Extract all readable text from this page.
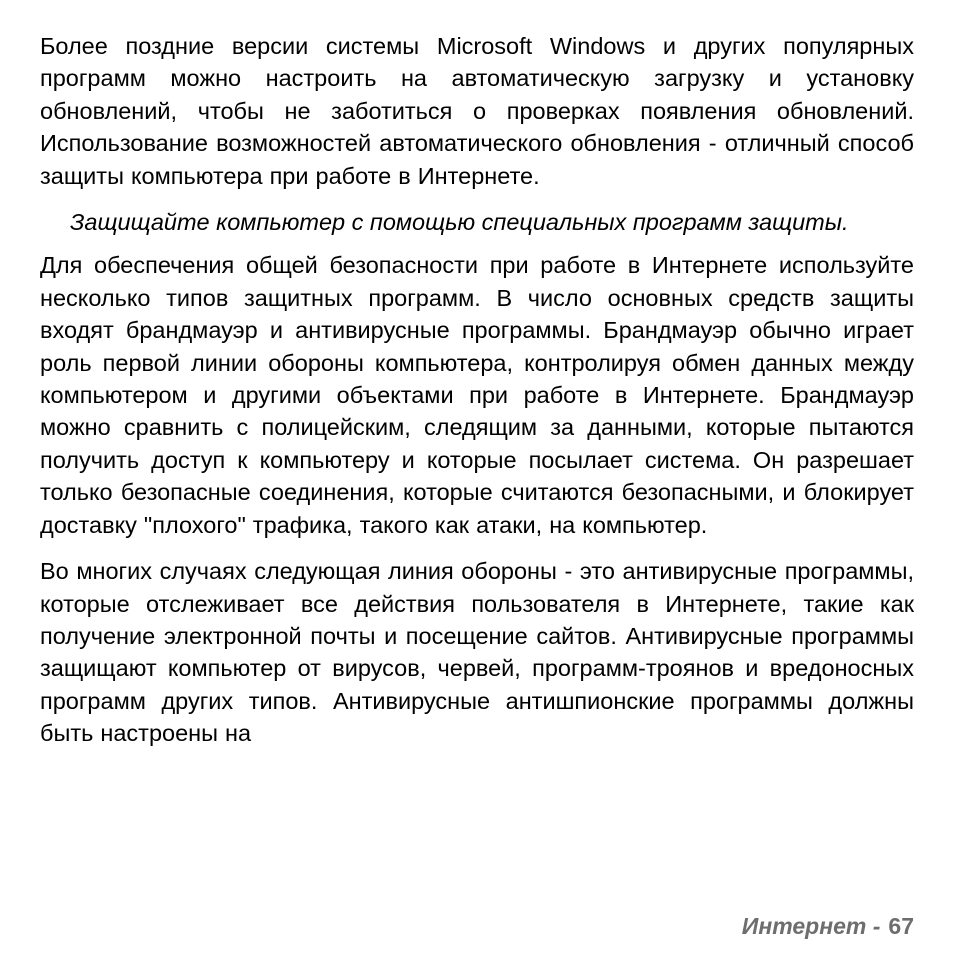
Более поздние версии системы Microsoft Windows и других популярных программ можно настроить на автоматическую загрузку и установку обновлений, чтобы не заботиться о проверках появления обновлений. Использование возможностей автоматического обновления - отличный способ защиты компьютера при работе в Интернете.

Защищайте компьютер с помощью специальных программ защиты.

Для обеспечения общей безопасности при работе в Интернете используйте несколько типов защитных программ. В число основных средств защиты входят брандмауэр и антивирусные программы. Брандмауэр обычно играет роль первой линии обороны компьютера, контролируя обмен данных между компьютером и другими объектами при работе в Интернете. Брандмауэр можно сравнить с полицейским, следящим за данными, которые пытаются получить доступ к компьютеру и которые посылает система. Он разрешает только безопасные соединения, которые считаются безопасными, и блокирует доставку "плохого" трафика, такого как атаки, на компьютер.

Во многих случаях следующая линия обороны - это антивирусные программы, которые отслеживает все действия пользователя в Интернете, такие как получение электронной почты и посещение сайтов. Антивирусные программы защищают компьютер от вирусов, червей, программ-троянов и вредоносных программ других типов. Антивирусные антишпионские программы должны быть настроены на

Интернет - 67
